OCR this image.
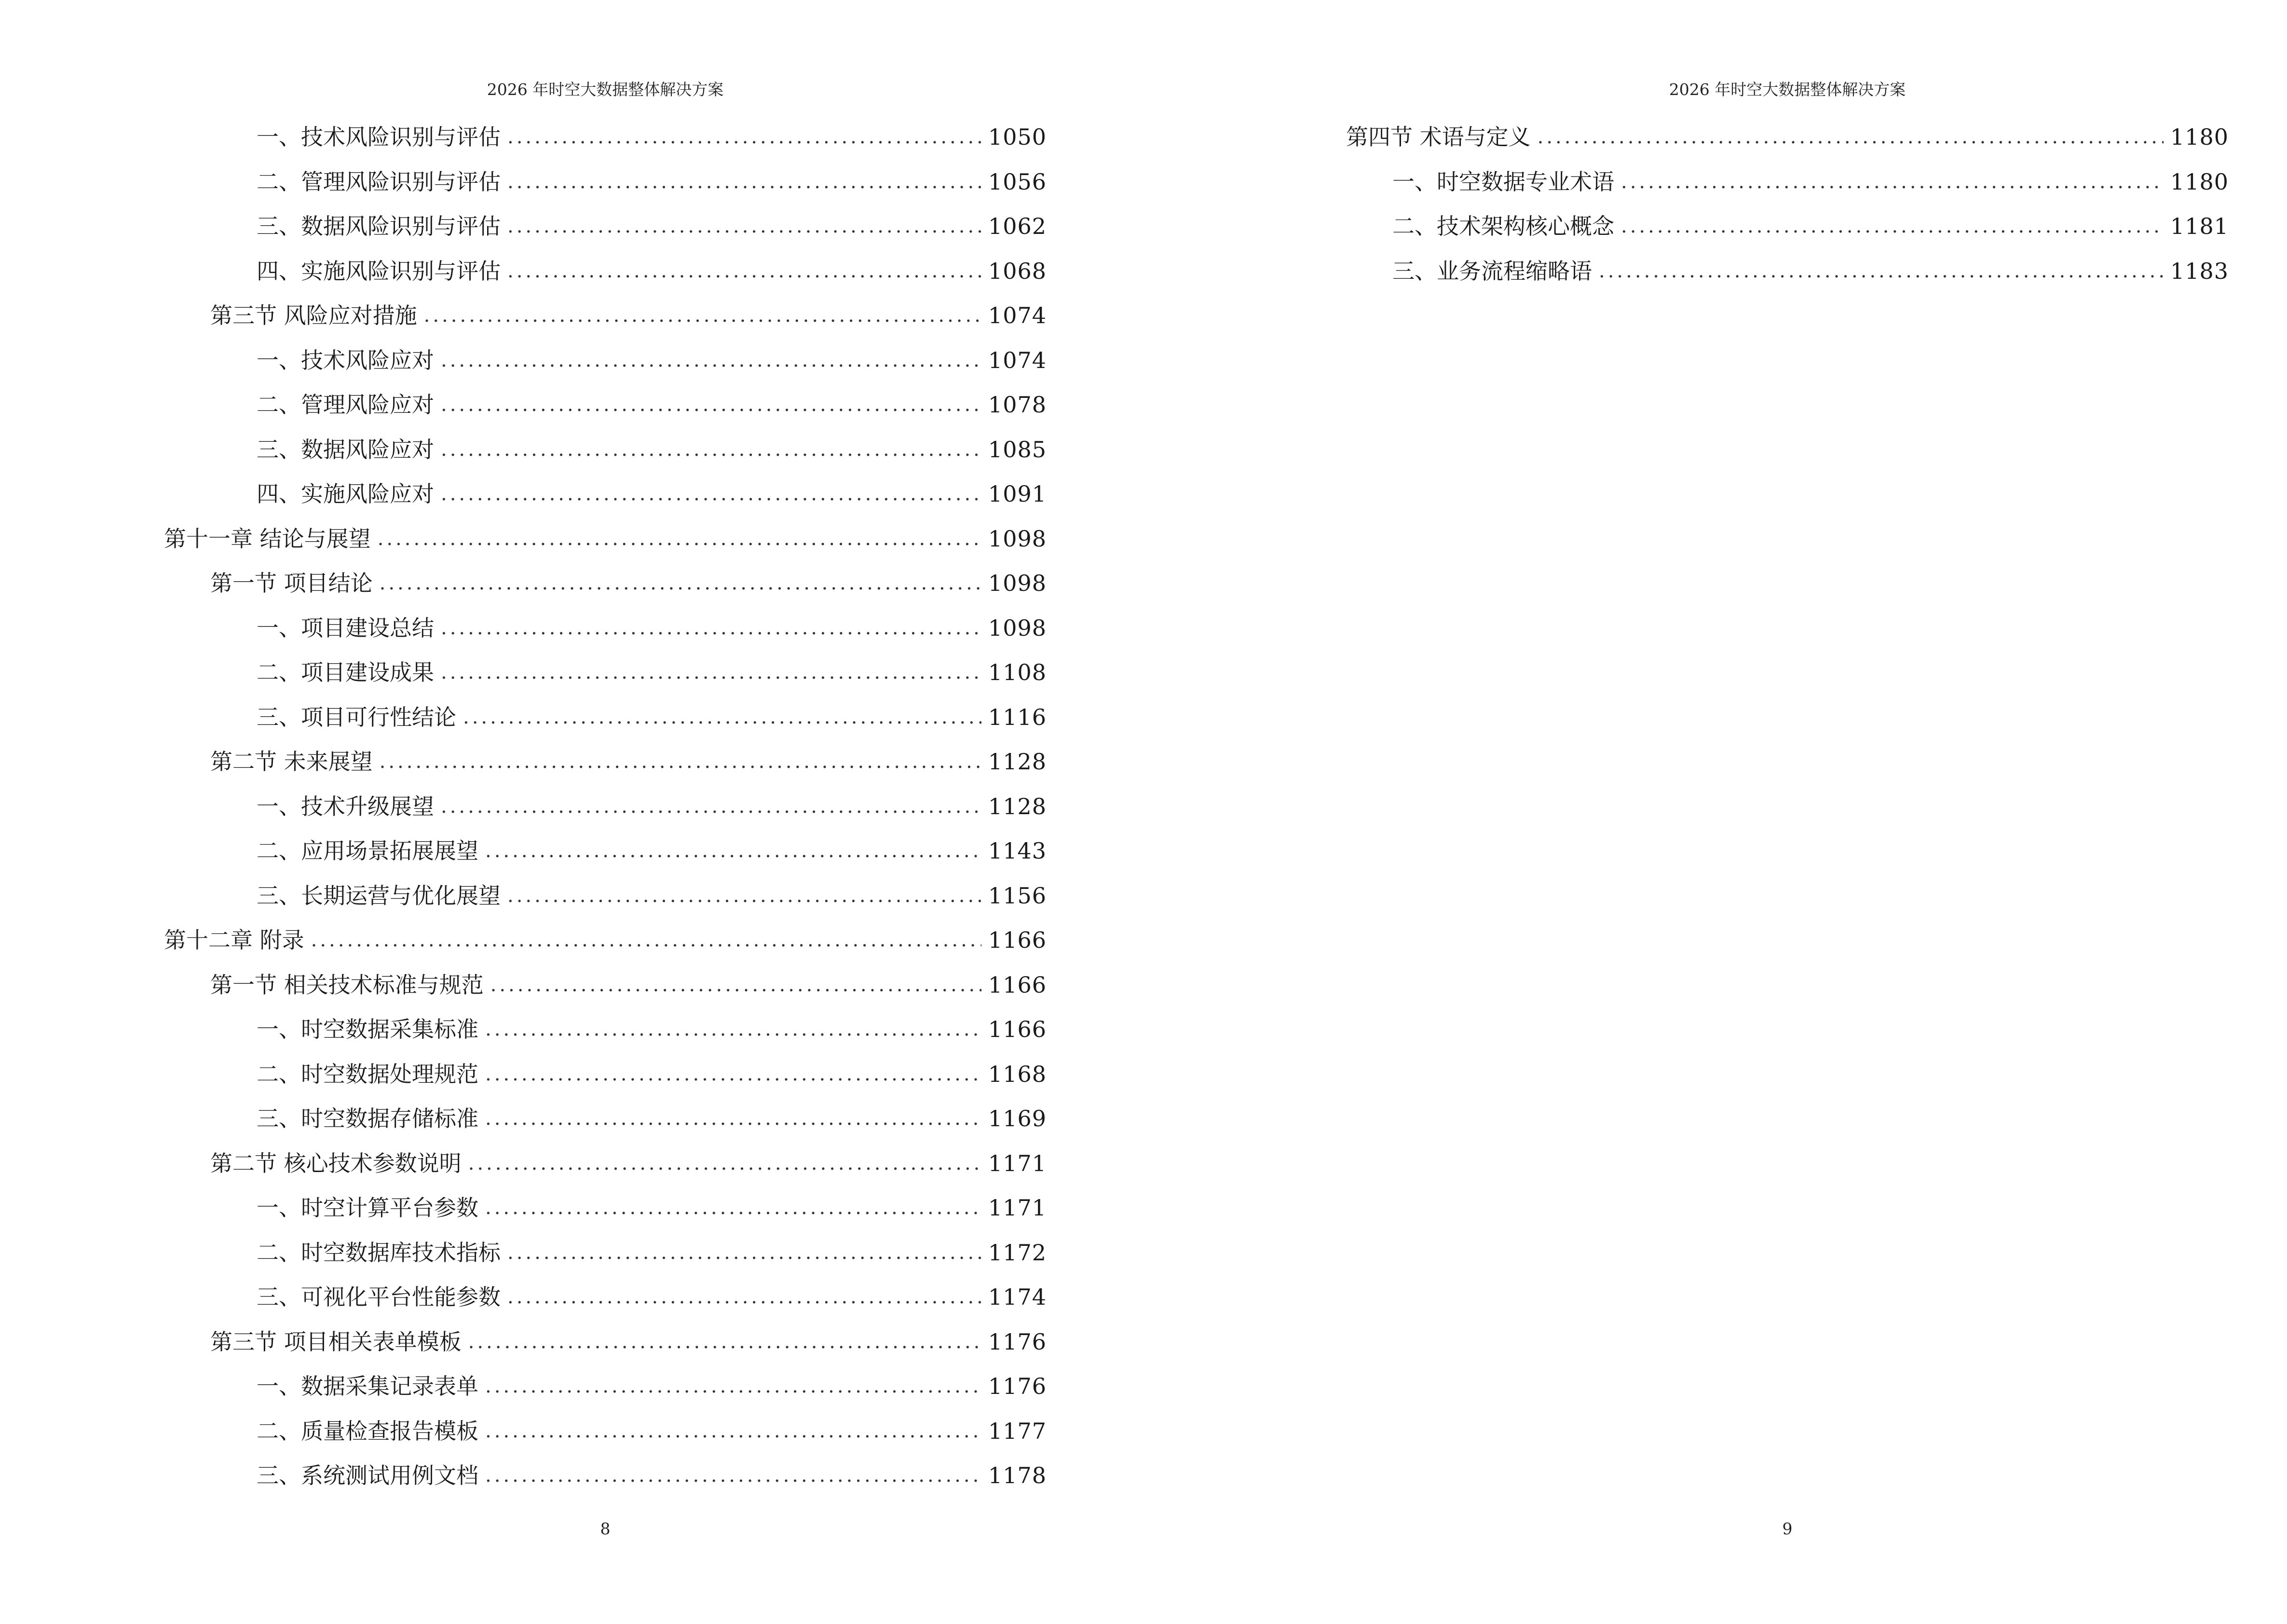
2026 年时空大数据整体解决方案
一、技术风险识别与评估 .....	1050
二、管理风险识别与评估 .....	1056
三、数据风险识别与评估 .....	1062
四、实施风险识别与评估 .....	1068
第三节 风险应对措施 .....	1074
一、技术风险应对 .....	1074
二、管理风险应对 .....	1078
三、数据风险应对 .....	1085
四、实施风险应对 .....	1091
第十一章 结论与展望 .....	1098
第一节 项目结论 .....	1098
一、项目建设总结 .....	1098
二、项目建设成果 .....	1108
三、项目可行性结论 .....	1116
第二节 未来展望 .....	1128
一、技术升级展望 .....	1128
二、应用场景拓展展望 .....	1143
三、长期运营与优化展望 .....	1156
第十二章 附录 .....	1166
第一节 相关技术标准与规范 .....	1166
一、时空数据采集标准 .....	1166
二、时空数据处理规范 .....	1168
三、时空数据存储标准 .....	1169
第二节 核心技术参数说明 .....	1171
一、时空计算平台参数 .....	1171
二、时空数据库技术指标 .....	1172
三、可视化平台性能参数 .....	1174
第三节 项目相关表单模板 .....	1176
一、数据采集记录表单 .....	1176
二、质量检查报告模板 .....	1177
三、系统测试用例文档 .....	1178
8
2026 年时空大数据整体解决方案
第四节 术语与定义 .....	1180
一、时空数据专业术语 .....	1180
二、技术架构核心概念 .....	1181
三、业务流程缩略语 .....	1183
9
